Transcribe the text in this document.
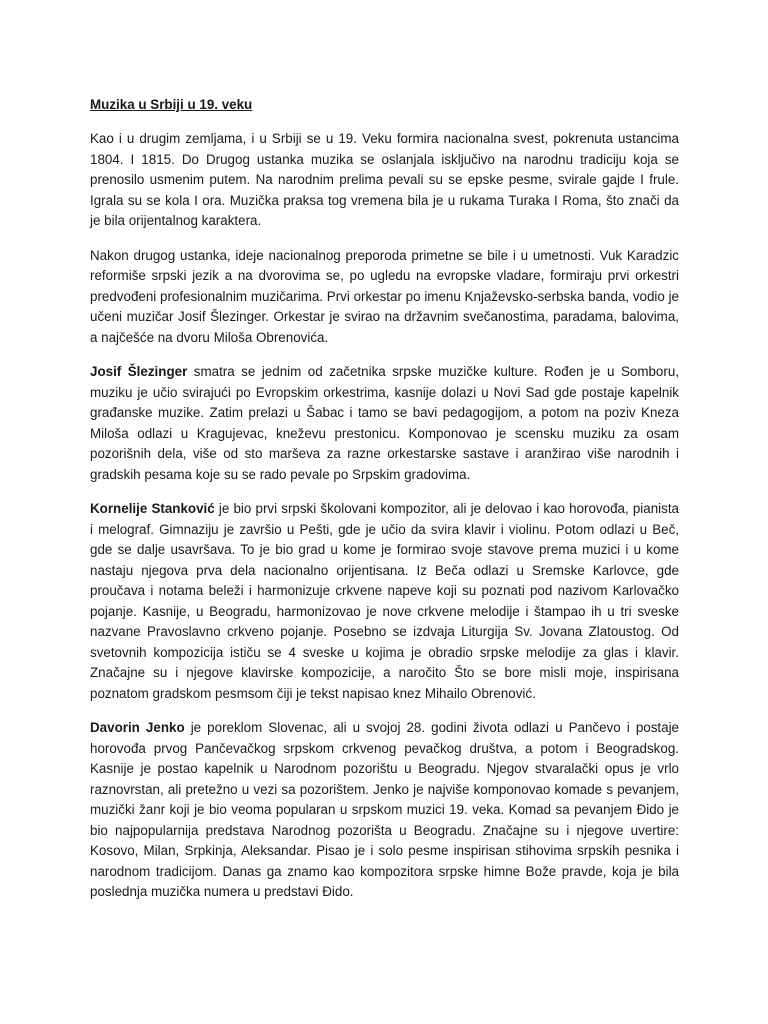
Muzika u Srbiji u 19. veku

Kao i u drugim zemljama, i u Srbiji se u 19. Veku formira nacionalna svest, pokrenuta ustancima 1804. I 1815. Do Drugog ustanka muzika se oslanjala isključivo na narodnu tradiciju koja se prenosilo usmenim putem. Na narodnim prelima pevali su se epske pesme, svirale gajde I frule. Igrala su se kola I ora. Muzička praksa tog vremena bila je u rukama Turaka I Roma, što znači da je bila orijentalnog karaktera.

Nakon drugog ustanka, ideje nacionalnog preporoda primetne se bile i u umetnosti. Vuk Karadzic reformiše srpski jezik a na dvorovima se, po ugledu na evropske vladare, formiraju prvi orkestri predvođeni profesionalnim muzičarima. Prvi orkestar po imenu Knjaževsko-serbska banda, vodio je učeni muzičar Josif Šlezinger. Orkestar je svirao na državnim svečanostima, paradama, balovima, a najčešće na dvoru Miloša Obrenovića.

Josif Šlezinger smatra se jednim od začetnika srpske muzičke kulture. Rođen je u Somboru, muziku je učio svirajući po Evropskim orkestrima, kasnije dolazi u Novi Sad gde postaje kapelnik građanske muzike. Zatim prelazi u Šabac i tamo se bavi pedagogijom, a potom na poziv Kneza Miloša odlazi u Kragujevac, kneževu prestonicu. Komponovao je scensku muziku za osam pozorišnih dela, više od sto marševa za razne orkestarske sastave i aranžirao više narodnih i gradskih pesama koje su se rado pevale po Srpskim gradovima.

Kornelije Stanković je bio prvi srpski školovani kompozitor, ali je delovao i kao horovođa, pianista i melograf. Gimnaziju je završio u Pešti, gde je učio da svira klavir i violinu. Potom odlazi u Beč, gde se dalje usavršava. To je bio grad u kome je formirao svoje stavove prema muzici i u kome nastaju njegova prva dela nacionalno orijentisana. Iz Beča odlazi u Sremske Karlovce, gde proučava i notama beleži i harmonizuje crkvene napeve koji su poznati pod nazivom Karlovačko pojanje. Kasnije, u Beogradu, harmonizovao je nove crkvene melodije i štampao ih u tri sveske nazvane Pravoslavno crkveno pojanje. Posebno se izdvaja Liturgija Sv. Jovana Zlatoustog. Od svetovnih kompozicija ističu se 4 sveske u kojima je obradio srpske melodije za glas i klavir. Značajne su i njegove klavirske kompozicije, a naročito Što se bore misli moje, inspirisana poznatom gradskom pesmsom čiji je tekst napisao knez Mihailo Obrenović.

Davorin Jenko je poreklom Slovenac, ali u svojoj 28. godini života odlazi u Pančevo i postaje horovođa prvog Pančevačkog srpskom crkvenog pevačkog društva, a potom i Beogradskog. Kasnije je postao kapelnik u Narodnom pozorištu u Beogradu. Njegov stvaralački opus je vrlo raznovrstan, ali pretežno u vezi sa pozorištem. Jenko je najviše komponovao komade s pevanjem, muzički žanr koji je bio veoma popularan u srpskom muzici 19. veka. Komad sa pevanjem Đido je bio najpopularnija predstava Narodnog pozorišta u Beogradu. Značajne su i njegove uvertire: Kosovo, Milan, Srpkinja, Aleksandar. Pisao je i solo pesme inspirisan stihovima srpskih pesnika i narodnom tradicijom. Danas ga znamo kao kompozitora srpske himne Bože pravde, koja je bila poslednja muzička numera u predstavi Đido.
